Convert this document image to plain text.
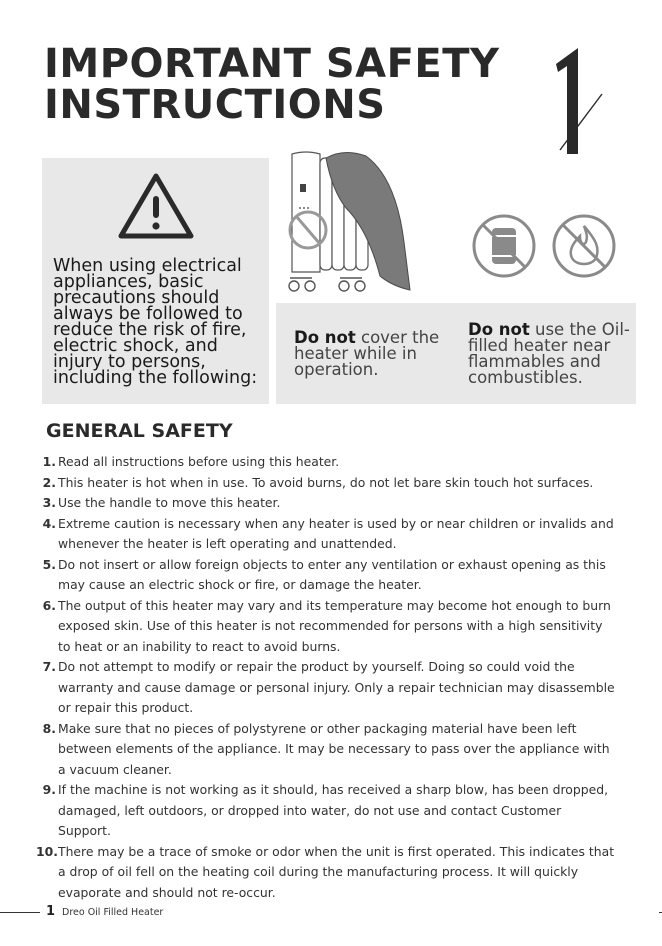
IMPORTANT SAFETY
INSTRUCTIONS

When using electrical appliances, basic precautions should always be followed to reduce the risk of fire, electric shock, and injury to persons, including the following:

Do not cover the heater while in operation.

Do not use the Oil-filled heater near flammables and combustibles.

GENERAL SAFETY
1. Read all instructions before using this heater.
2. This heater is hot when in use. To avoid burns, do not let bare skin touch hot surfaces.
3. Use the handle to move this heater.
4. Extreme caution is necessary when any heater is used by or near children or invalids and whenever the heater is left operating and unattended.
5. Do not insert or allow foreign objects to enter any ventilation or exhaust opening as this may cause an electric shock or fire, or damage the heater.
6. The output of this heater may vary and its temperature may become hot enough to burn exposed skin. Use of this heater is not recommended for persons with a high sensitivity to heat or an inability to react to avoid burns.
7. Do not attempt to modify or repair the product by yourself. Doing so could void the warranty and cause damage or personal injury. Only a repair technician may disassemble or repair this product.
8. Make sure that no pieces of polystyrene or other packaging material have been left between elements of the appliance. It may be necessary to pass over the appliance with a vacuum cleaner.
9. If the machine is not working as it should, has received a sharp blow, has been dropped, damaged, left outdoors, or dropped into water, do not use and contact Customer Support.
10. There may be a trace of smoke or odor when the unit is first operated. This indicates that a drop of oil fell on the heating coil during the manufacturing process. It will quickly evaporate and should not re-occur.
1 Dreo Oil Filled Heater
